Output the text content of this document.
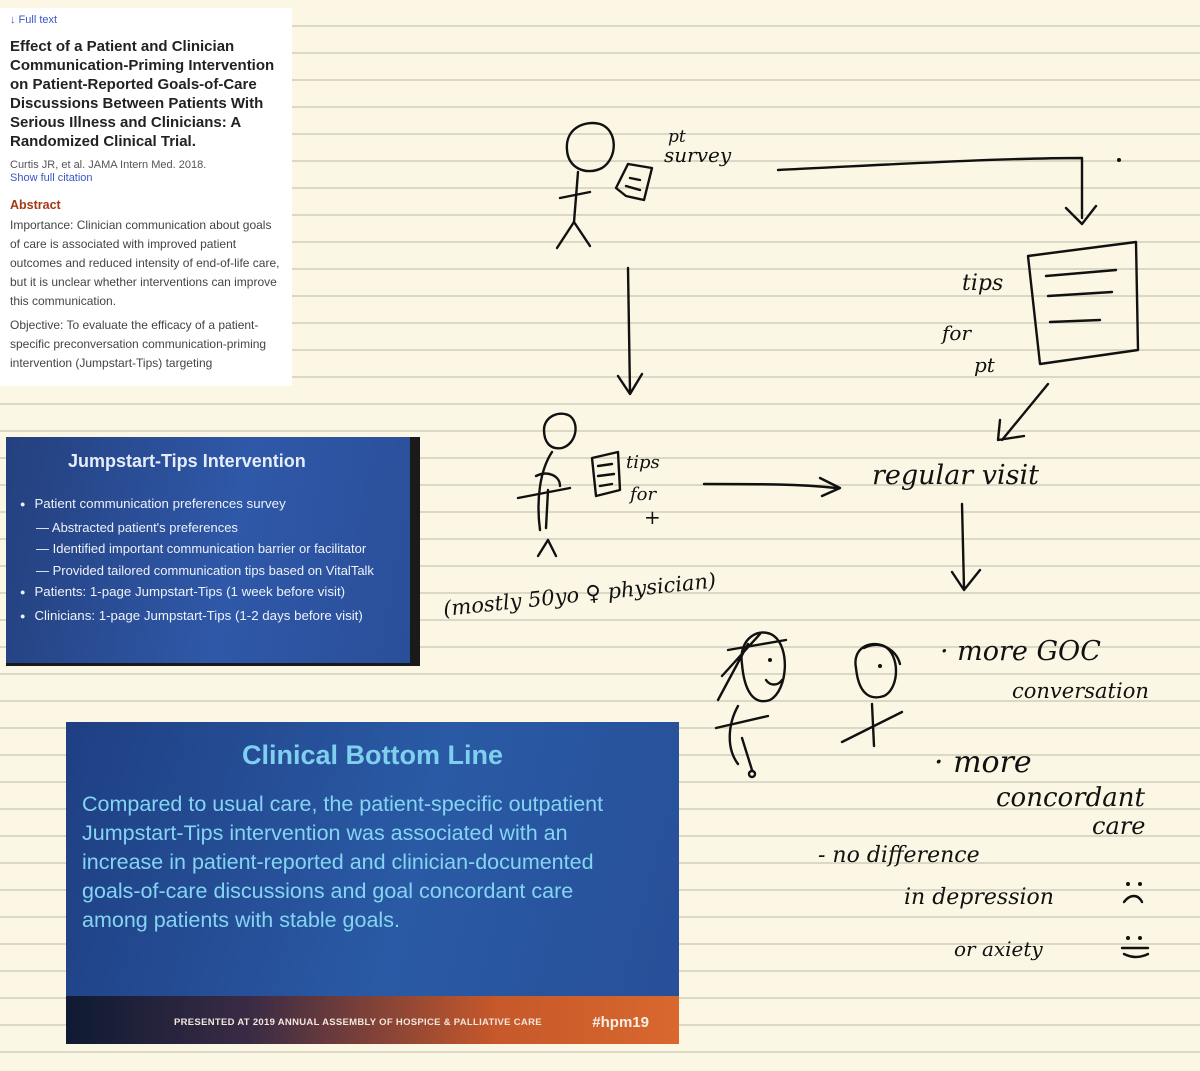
↓ Full text

Effect of a Patient and Clinician Communication-Priming Intervention on Patient-Reported Goals-of-Care Discussions Between Patients With Serious Illness and Clinicians: A Randomized Clinical Trial.

Curtis JR, et al. JAMA Intern Med. 2018.

Show full citation

Abstract

Importance: Clinician communication about goals of care is associated with improved patient outcomes and reduced intensity of end-of-life care, but it is unclear whether interventions can improve this communication.

Objective: To evaluate the efficacy of a patient-specific preconversation communication-priming intervention (Jumpstart-Tips) targeting

Jumpstart-Tips Intervention
● Patient communication preferences survey
— Abstracted patient's preferences
— Identified important communication barrier or facilitator
— Provided tailored communication tips based on VitalTalk
● Patients: 1-page Jumpstart-Tips (1 week before visit)
● Clinicians: 1-page Jumpstart-Tips (1-2 days before visit)
Clinical Bottom Line

Compared to usual care, the patient-specific outpatient Jumpstart-Tips intervention was associated with an increase in patient-reported and clinician-documented goals-of-care discussions and goal concordant care among patients with stable goals.

PRESENTED AT 2019 ANNUAL ASSEMBLY OF HOSPICE & PALLIATIVE CARE	#hpm19
pt
survey
tips
for
pt
tips
for
+
regular visit
(mostly 50yo ♀ physician)
· more GOC
conversation
· more
concordant
care
- no difference
in depression
or axiety
